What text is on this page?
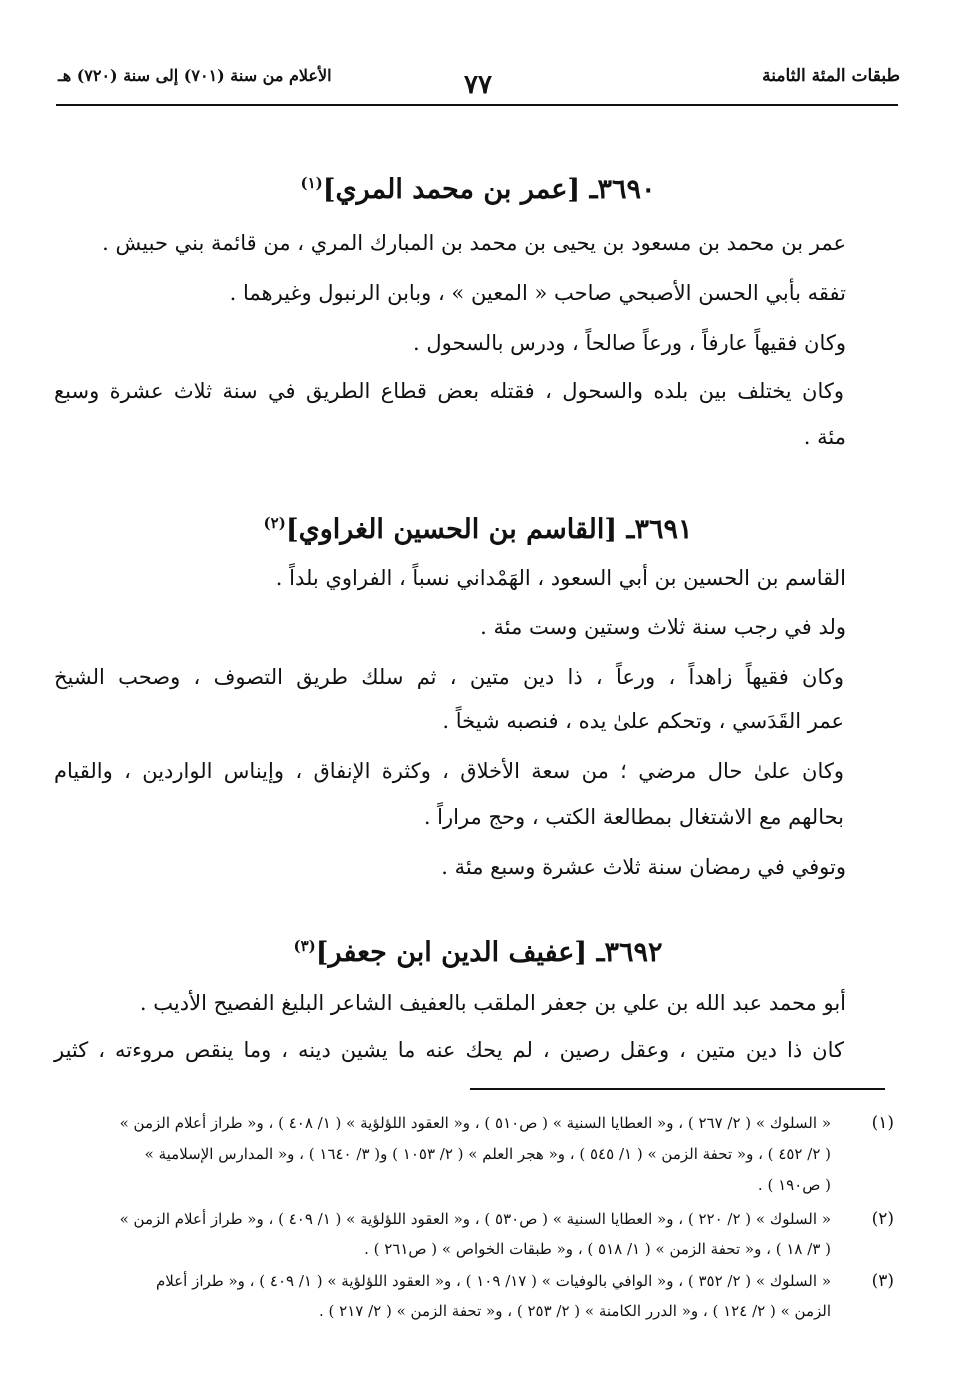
طبقات المئة الثامنة
٧٧
الأعلام من سنة (٧٠١) إلى سنة (٧٢٠) هـ
٣٦٩٠ـ [عمر بن محمد المري]$^{(١)}$
عمر بن محمد بن مسعود بن يحيى بن محمد بن المبارك المري ، من قائمة بني حبيش .
تفقه بأبي الحسن الأصبحي صاحب « المعين » ، وبابن الرنبول وغيرهما .
وكان فقيهاً عارفاً ، ورعاً صالحاً ، ودرس بالسحول .
وكان يختلف بين بلده والسحول ، فقتله بعض قطاع الطريق في سنة ثلاث عشرة وسبع
مئة .
٣٦٩١ـ [القاسم بن الحسين الغراوي]$^{(٢)}$
القاسم بن الحسين بن أبي السعود ، الهَمْداني نسباً ، الفراوي بلداً .
ولد في رجب سنة ثلاث وستين وست مئة .
وكان فقيهاً زاهداً ، ورعاً ، ذا دين متين ، ثم سلك طريق التصوف ، وصحب الشيخ
عمر القَدَسي ، وتحكم علىٰ يده ، فنصبه شيخاً .
وكان علىٰ حال مرضي ؛ من سعة الأخلاق ، وكثرة الإنفاق ، وإيناس الواردين ، والقيام
بحالهم مع الاشتغال بمطالعة الكتب ، وحج مراراً .
وتوفي في رمضان سنة ثلاث عشرة وسبع مئة .
٣٦٩٢ـ [عفيف الدين ابن جعفر]$^{(٣)}$
أبو محمد عبد الله بن علي بن جعفر الملقب بالعفيف الشاعر البليغ الفصيح الأديب .
كان ذا دين متين ، وعقل رصين ، لم يحك عنه ما يشين دينه ، وما ينقص مروءته ، كثير
(١)
« السلوك » ( ٢/ ٢٦٧ ) ، و« العطايا السنية » ( ص٥١٠ ) ، و« العقود اللؤلؤية » ( ١/ ٤٠٨ ) ، و« طراز أعلام الزمن »
( ٢/ ٤٥٢ ) ، و« تحفة الزمن » ( ١/ ٥٤٥ ) ، و« هجر العلم » ( ٢/ ١٠٥٣ ) و( ٣/ ١٦٤٠ ) ، و« المدارس الإسلامية »
( ص١٩٠ ) .
(٢)
« السلوك » ( ٢/ ٢٢٠ ) ، و« العطايا السنية » ( ص٥٣٠ ) ، و« العقود اللؤلؤية » ( ١/ ٤٠٩ ) ، و« طراز أعلام الزمن »
( ٣/ ١٨ ) ، و« تحفة الزمن » ( ١/ ٥١٨ ) ، و« طبقات الخواص » ( ص٢٦١ ) .
(٣)
« السلوك » ( ٢/ ٣٥٢ ) ، و« الوافي بالوفيات » ( ١٧/ ١٠٩ ) ، و« العقود اللؤلؤية » ( ١/ ٤٠٩ ) ، و« طراز أعلام
الزمن » ( ٢/ ١٢٤ ) ، و« الدرر الكامنة » ( ٢/ ٢٥٣ ) ، و« تحفة الزمن » ( ٢/ ٢١٧ ) .
